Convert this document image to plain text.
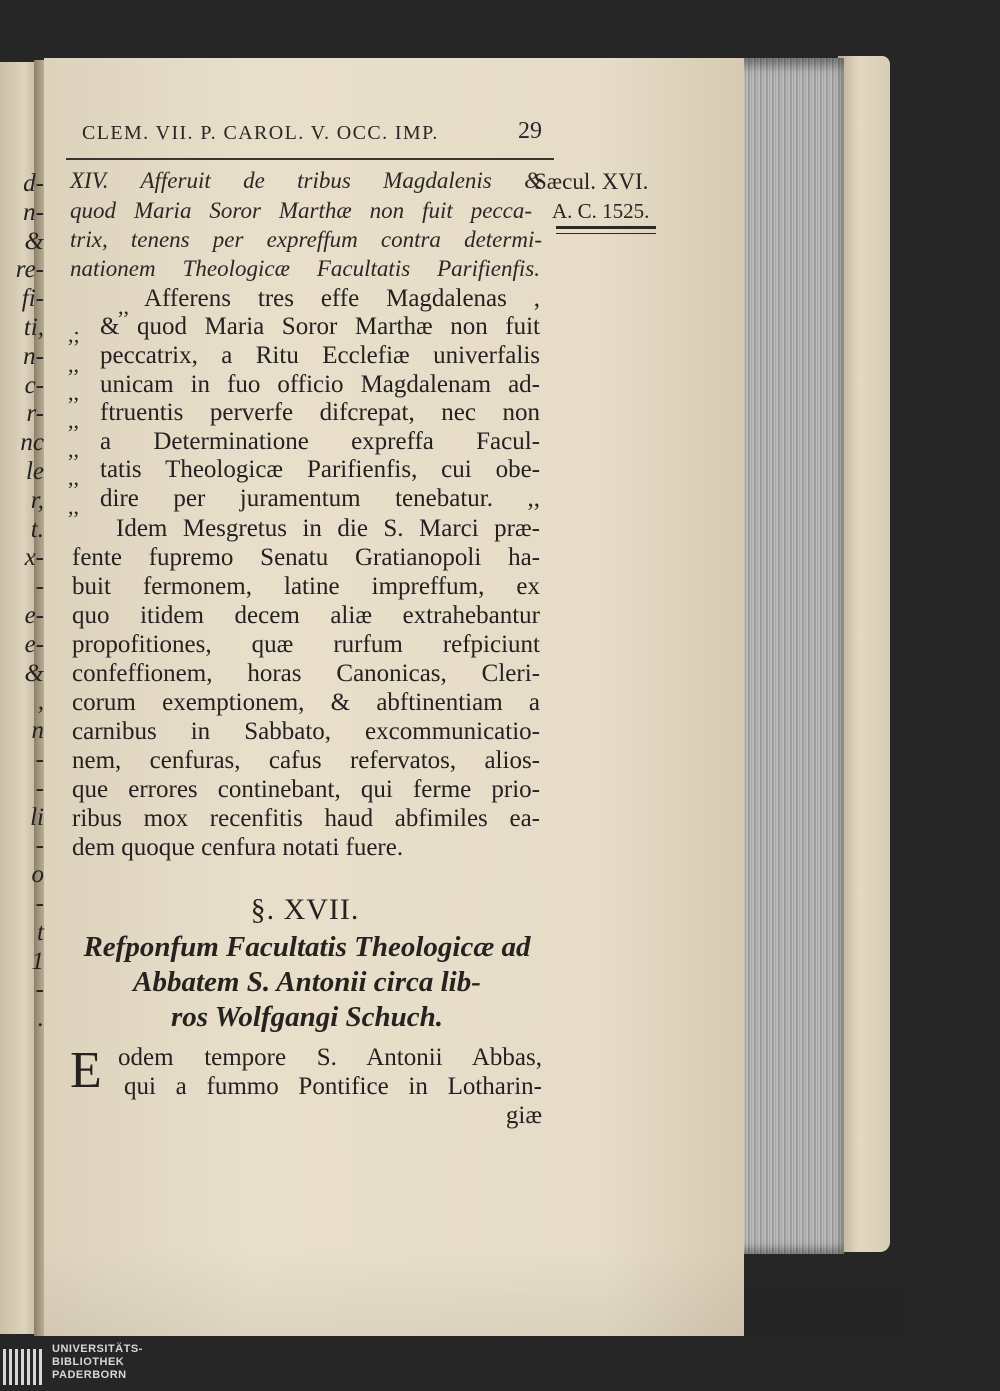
d-
n-
&
re-
fi-
ti,
n-
c-
r-
nc
le
r,
t.
x-
-
e-
e-
&
,
n
-
-
li
-
o
-
t
1
-
.
CLEM. VII. P. CAROL. V. OCC. IMP.	29
Sæcul. XVI.
A. C. 1525.
XIV. Afferuit de tribus Magdalenis &
quod Maria Soror Marthæ non fuit pecca-
trix, tenens per expreffum contra determi-
nationem Theologicæ Facultatis Parifienfis.
,,
,;
,,
,,
,,
,,
,,
,,
Afferens tres effe Magdalenas ,
& quod Maria Soror Marthæ non fuit
peccatrix, a Ritu Ecclefiæ univerfalis
unicam in fuo officio Magdalenam ad-
ftruentis perverfe difcrepat, nec non
a Determinatione expreffa Facul-
tatis Theologicæ Parifienfis, cui obe-
dire per juramentum tenebatur. ,,
Idem Mesgretus in die S. Marci præ-
fente fupremo Senatu Gratianopoli ha-
buit fermonem, latine impreffum, ex
quo itidem decem aliæ extrahebantur
propofitiones, quæ rurfum refpiciunt
confeffionem, horas Canonicas, Cleri-
corum exemptionem, & abftinentiam a
carnibus in Sabbato, excommunicatio-
nem, cenfuras, cafus refervatos, alios-
que errores continebant, qui ferme prio-
ribus mox recenfitis haud abfimiles ea-
dem quoque cenfura notati fuere.
§. XVII.
Refponfum Facultatis Theologicæ ad
Abbatem S. Antonii circa lib-
ros Wolfgangi Schuch.
E odem tempore S. Antonii Abbas,
qui a fummo Pontifice in Lotharin-
giæ
UNIVERSITÄTS-
BIBLIOTHEK
PADERBORN
